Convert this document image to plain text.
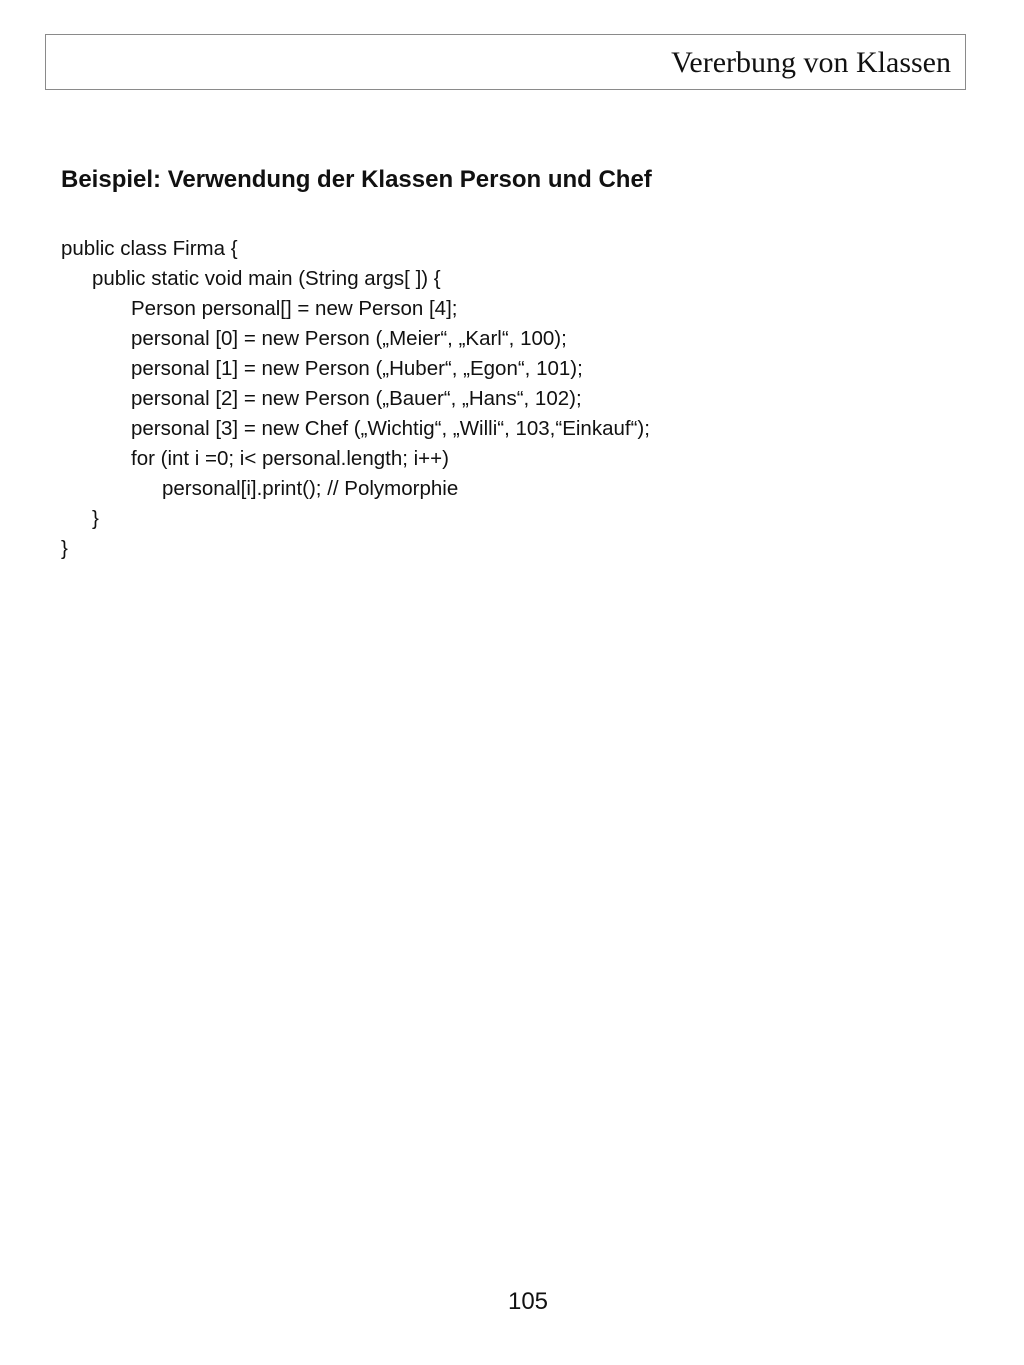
Vererbung von Klassen
Beispiel: Verwendung der Klassen Person und Chef
public class Firma {
public static void main (String args[ ]) {
Person personal[] = new Person [4];
personal [0] = new Person („Meier“, „Karl“, 100);
personal [1] = new Person („Huber“, „Egon“, 101);
personal [2] = new Person („Bauer“, „Hans“, 102);
personal [3] = new Chef („Wichtig“, „Willi“, 103,“Einkauf“);
for (int i =0; i< personal.length; i++)
personal[i].print(); // Polymorphie
}
}
105
